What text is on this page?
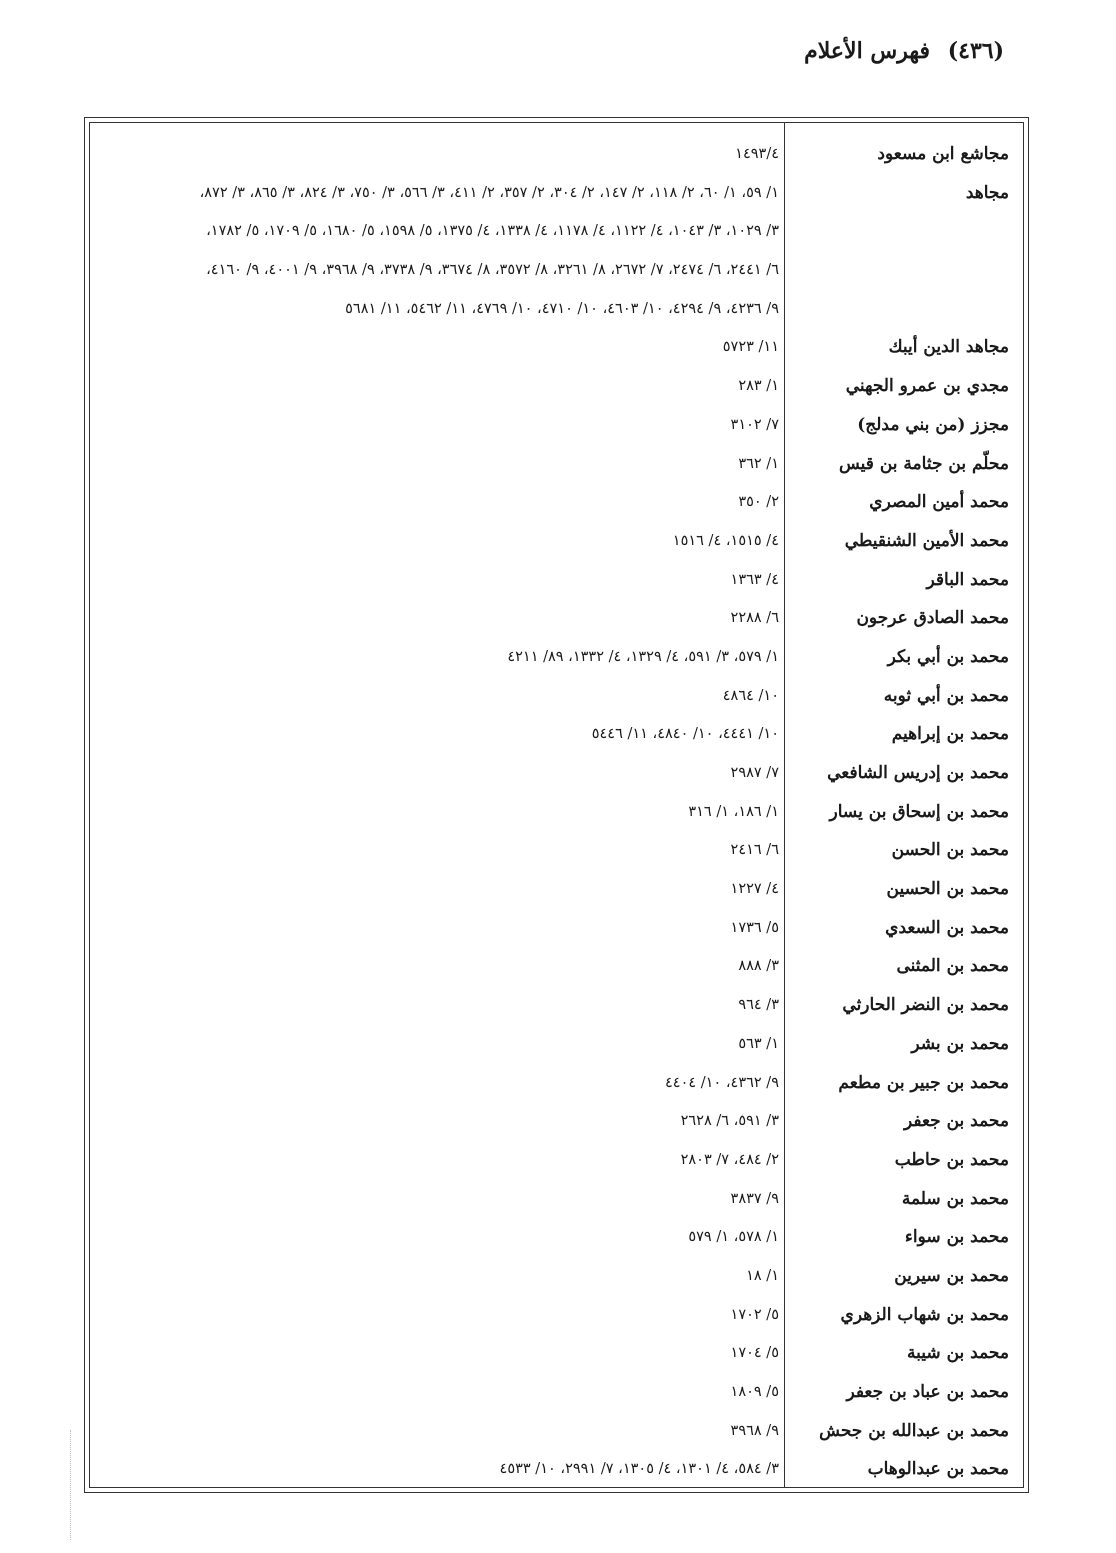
(٤٣٦) فهرس الأعلام
مجاشع ابن مسعود
١٤٩٣/٤
مجاهد
١/ ٥٩، ١/ ٦٠، ٢/ ١١٨، ٢/ ١٤٧، ٢/ ٣٠٤، ٢/ ٣٥٧، ٢/ ٤١١، ٣/ ٥٦٦، ٣/ ٧٥٠، ٣/ ٨٢٤، ٣/ ٨٦٥، ٣/ ٨٧٢،
٣/ ١٠٢٩، ٣/ ١٠٤٣، ٤/ ١١٢٢، ٤/ ١١٧٨، ٤/ ١٣٣٨، ٤/ ١٣٧٥، ٥/ ١٥٩٨، ٥/ ١٦٨٠، ٥/ ١٧٠٩، ٥/ ١٧٨٢،
٦/ ٢٤٤١، ٦/ ٢٤٧٤، ٧/ ٢٦٧٢، ٨/ ٣٢٦١، ٨/ ٣٥٧٢، ٨/ ٣٦٧٤، ٩/ ٣٧٣٨، ٩/ ٣٩٦٨، ٩/ ٤٠٠١، ٩/ ٤١٦٠،
٩/ ٤٢٣٦، ٩/ ٤٢٩٤، ١٠/ ٤٦٠٣، ١٠/ ٤٧١٠، ١٠/ ٤٧٦٩، ١١/ ٥٤٦٢، ١١/ ٥٦٨١
مجاهد الدين أيبك
١١/ ٥٧٢٣
مجدي بن عمرو الجهني
١/ ٢٨٣
مجزز (من بني مدلج)
٧/ ٣١٠٢
محلّم بن جثامة بن قيس
١/ ٣٦٢
محمد أمين المصري
٢/ ٣٥٠
محمد الأمين الشنقيطي
٤/ ١٥١٥، ٤/ ١٥١٦
محمد الباقر
٤/ ١٣٦٣
محمد الصادق عرجون
٦/ ٢٢٨٨
محمد بن أبي بكر
١/ ٥٧٩، ٣/ ٥٩١، ٤/ ١٣٢٩، ٤/ ١٣٣٢، ٨٩/ ٤٢١١
محمد بن أبي ثوبه
١٠/ ٤٨٦٤
محمد بن إبراهيم
١٠/ ٤٤٤١، ١٠/ ٤٨٤٠، ١١/ ٥٤٤٦
محمد بن إدريس الشافعي
٧/ ٢٩٨٧
محمد بن إسحاق بن يسار
١/ ١٨٦، ١/ ٣١٦
محمد بن الحسن
٦/ ٢٤١٦
محمد بن الحسين
٤/ ١٢٢٧
محمد بن السعدي
٥/ ١٧٣٦
محمد بن المثنى
٣/ ٨٨٨
محمد بن النضر الحارثي
٣/ ٩٦٤
محمد بن بشر
١/ ٥٦٣
محمد بن جبير بن مطعم
٩/ ٤٣٦٢، ١٠/ ٤٤٠٤
محمد بن جعفر
٣/ ٥٩١، ٦/ ٢٦٢٨
محمد بن حاطب
٢/ ٤٨٤، ٧/ ٢٨٠٣
محمد بن سلمة
٩/ ٣٨٣٧
محمد بن سواء
١/ ٥٧٨، ١/ ٥٧٩
محمد بن سيرين
١/ ١٨
محمد بن شهاب الزهري
٥/ ١٧٠٢
محمد بن شيبة
٥/ ١٧٠٤
محمد بن عباد بن جعفر
٥/ ١٨٠٩
محمد بن عبدالله بن جحش
٩/ ٣٩٦٨
محمد بن عبدالوهاب
٣/ ٥٨٤، ٤/ ١٣٠١، ٤/ ١٣٠٥، ٧/ ٢٩٩١، ١٠/ ٤٥٣٣
